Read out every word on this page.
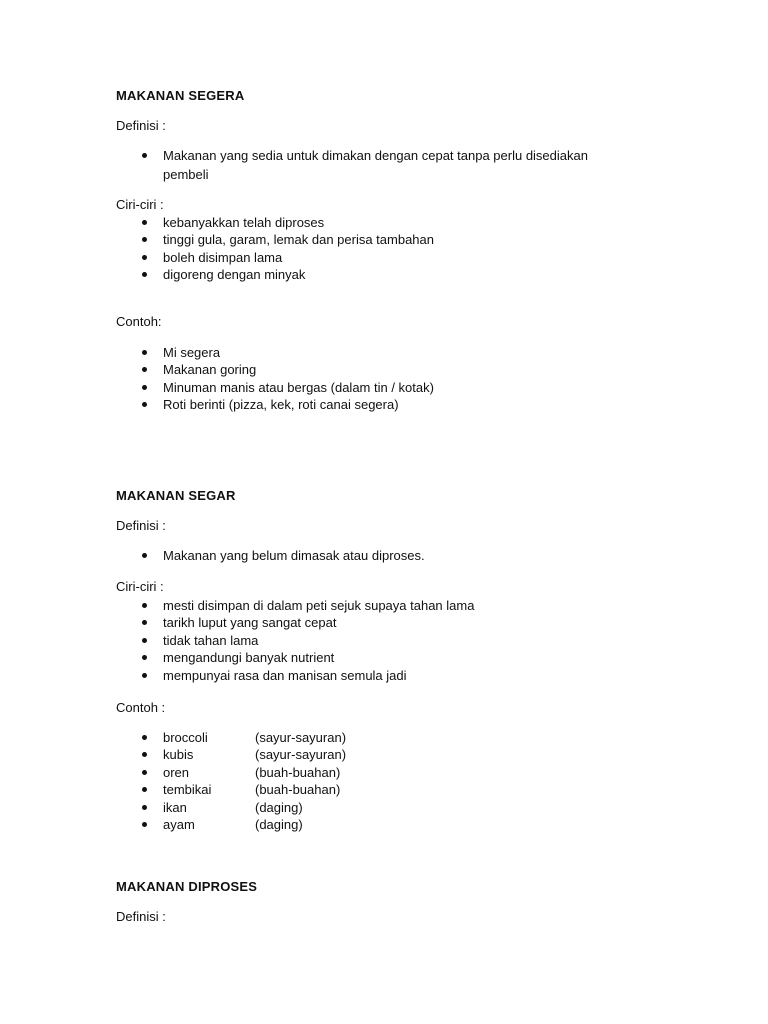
MAKANAN SEGERA
Definisi :
Makanan yang sedia untuk dimakan dengan cepat tanpa perlu disediakan pembeli
Ciri-ciri :
kebanyakkan telah diproses
tinggi gula, garam, lemak dan perisa tambahan
boleh disimpan lama
digoreng dengan minyak
Contoh:
Mi segera
Makanan goring
Minuman manis atau bergas (dalam tin / kotak)
Roti berinti (pizza, kek, roti canai segera)
MAKANAN SEGAR
Definisi :
Makanan yang belum dimasak atau diproses.
Ciri-ciri :
mesti disimpan di dalam peti sejuk supaya tahan lama
tarikh luput yang sangat cepat
tidak tahan lama
mengandungi banyak nutrient
mempunyai rasa dan manisan semula jadi
Contoh :
broccoli	(sayur-sayuran)
kubis	(sayur-sayuran)
oren	(buah-buahan)
tembikai	(buah-buahan)
ikan	(daging)
ayam	(daging)
MAKANAN DIPROSES
Definisi :
